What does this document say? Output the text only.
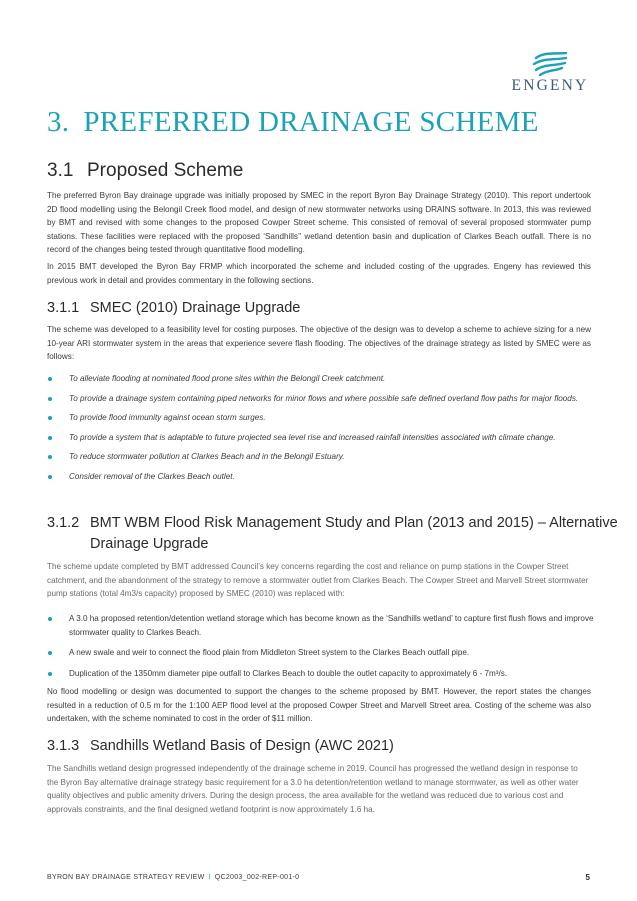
ENGENY
3. PREFERRED DRAINAGE SCHEME
3.1 Proposed Scheme
The preferred Byron Bay drainage upgrade was initially proposed by SMEC in the report Byron Bay Drainage Strategy (2010). This report undertook 2D flood modelling using the Belongil Creek flood model, and design of new stormwater networks using DRAINS software. In 2013, this was reviewed by BMT and revised with some changes to the proposed Cowper Street scheme. This consisted of removal of several proposed stormwater pump stations. These facilities were replaced with the proposed ‘Sandhills’’ wetland detention basin and duplication of Clarkes Beach outfall. There is no record of the changes being tested through quantitative flood modelling.
In 2015 BMT developed the Byron Bay FRMP which incorporated the scheme and included costing of the upgrades. Engeny has reviewed this previous work in detail and provides commentary in the following sections.
3.1.1 SMEC (2010) Drainage Upgrade
The scheme was developed to a feasibility level for costing purposes. The objective of the design was to develop a scheme to achieve sizing for a new 10-year ARI stormwater system in the areas that experience severe flash flooding. The objectives of the drainage strategy as listed by SMEC were as follows:
To alleviate flooding at nominated flood prone sites within the Belongil Creek catchment.
To provide a drainage system containing piped networks for minor flows and where possible safe defined overland flow paths for major floods.
To provide flood immunity against ocean storm surges.
To provide a system that is adaptable to future projected sea level rise and increased rainfall intensities associated with climate change.
To reduce stormwater pollution at Clarkes Beach and in the Belongil Estuary.
Consider removal of the Clarkes Beach outlet.
3.1.2 BMT WBM Flood Risk Management Study and Plan (2013 and 2015) – Alternative
Drainage Upgrade
The scheme update completed by BMT addressed Council’s key concerns regarding the cost and reliance on pump stations in the Cowper Street catchment, and the abandonment of the strategy to remove a stormwater outlet from Clarkes Beach. The Cowper Street and Marvell Street stormwater pump stations (total 4m3/s capacity) proposed by SMEC (2010) was replaced with:
A 3.0 ha proposed retention/detention wetland storage which has become known as the ‘Sandhills wetland’ to capture first flush flows and improve stormwater quality to Clarkes Beach.
A new swale and weir to connect the flood plain from Middleton Street system to the Clarkes Beach outfall pipe.
Duplication of the 1350mm diameter pipe outfall to Clarkes Beach to double the outlet capacity to approximately 6 - 7m³/s.
No flood modelling or design was documented to support the changes to the scheme proposed by BMT. However, the report states the changes resulted in a reduction of 0.5 m for the 1:100 AEP flood level at the proposed Cowper Street and Marvell Street area. Costing of the scheme was also undertaken, with the scheme nominated to cost in the order of $11 million.
3.1.3 Sandhills Wetland Basis of Design (AWC 2021)
The Sandhills wetland design progressed independently of the drainage scheme in 2019. Council has progressed the wetland design in response to the Byron Bay alternative drainage strategy basic requirement for a 3.0 ha detention/retention wetland to manage stormwater, as well as other water quality objectives and public amenity drivers. During the design process, the area available for the wetland was reduced due to various cost and approvals constraints, and the final designed wetland footprint is now approximately 1.6 ha.
BYRON BAY DRAINAGE STRATEGY REVIEW I QC2003_002-REP-001-0	5
